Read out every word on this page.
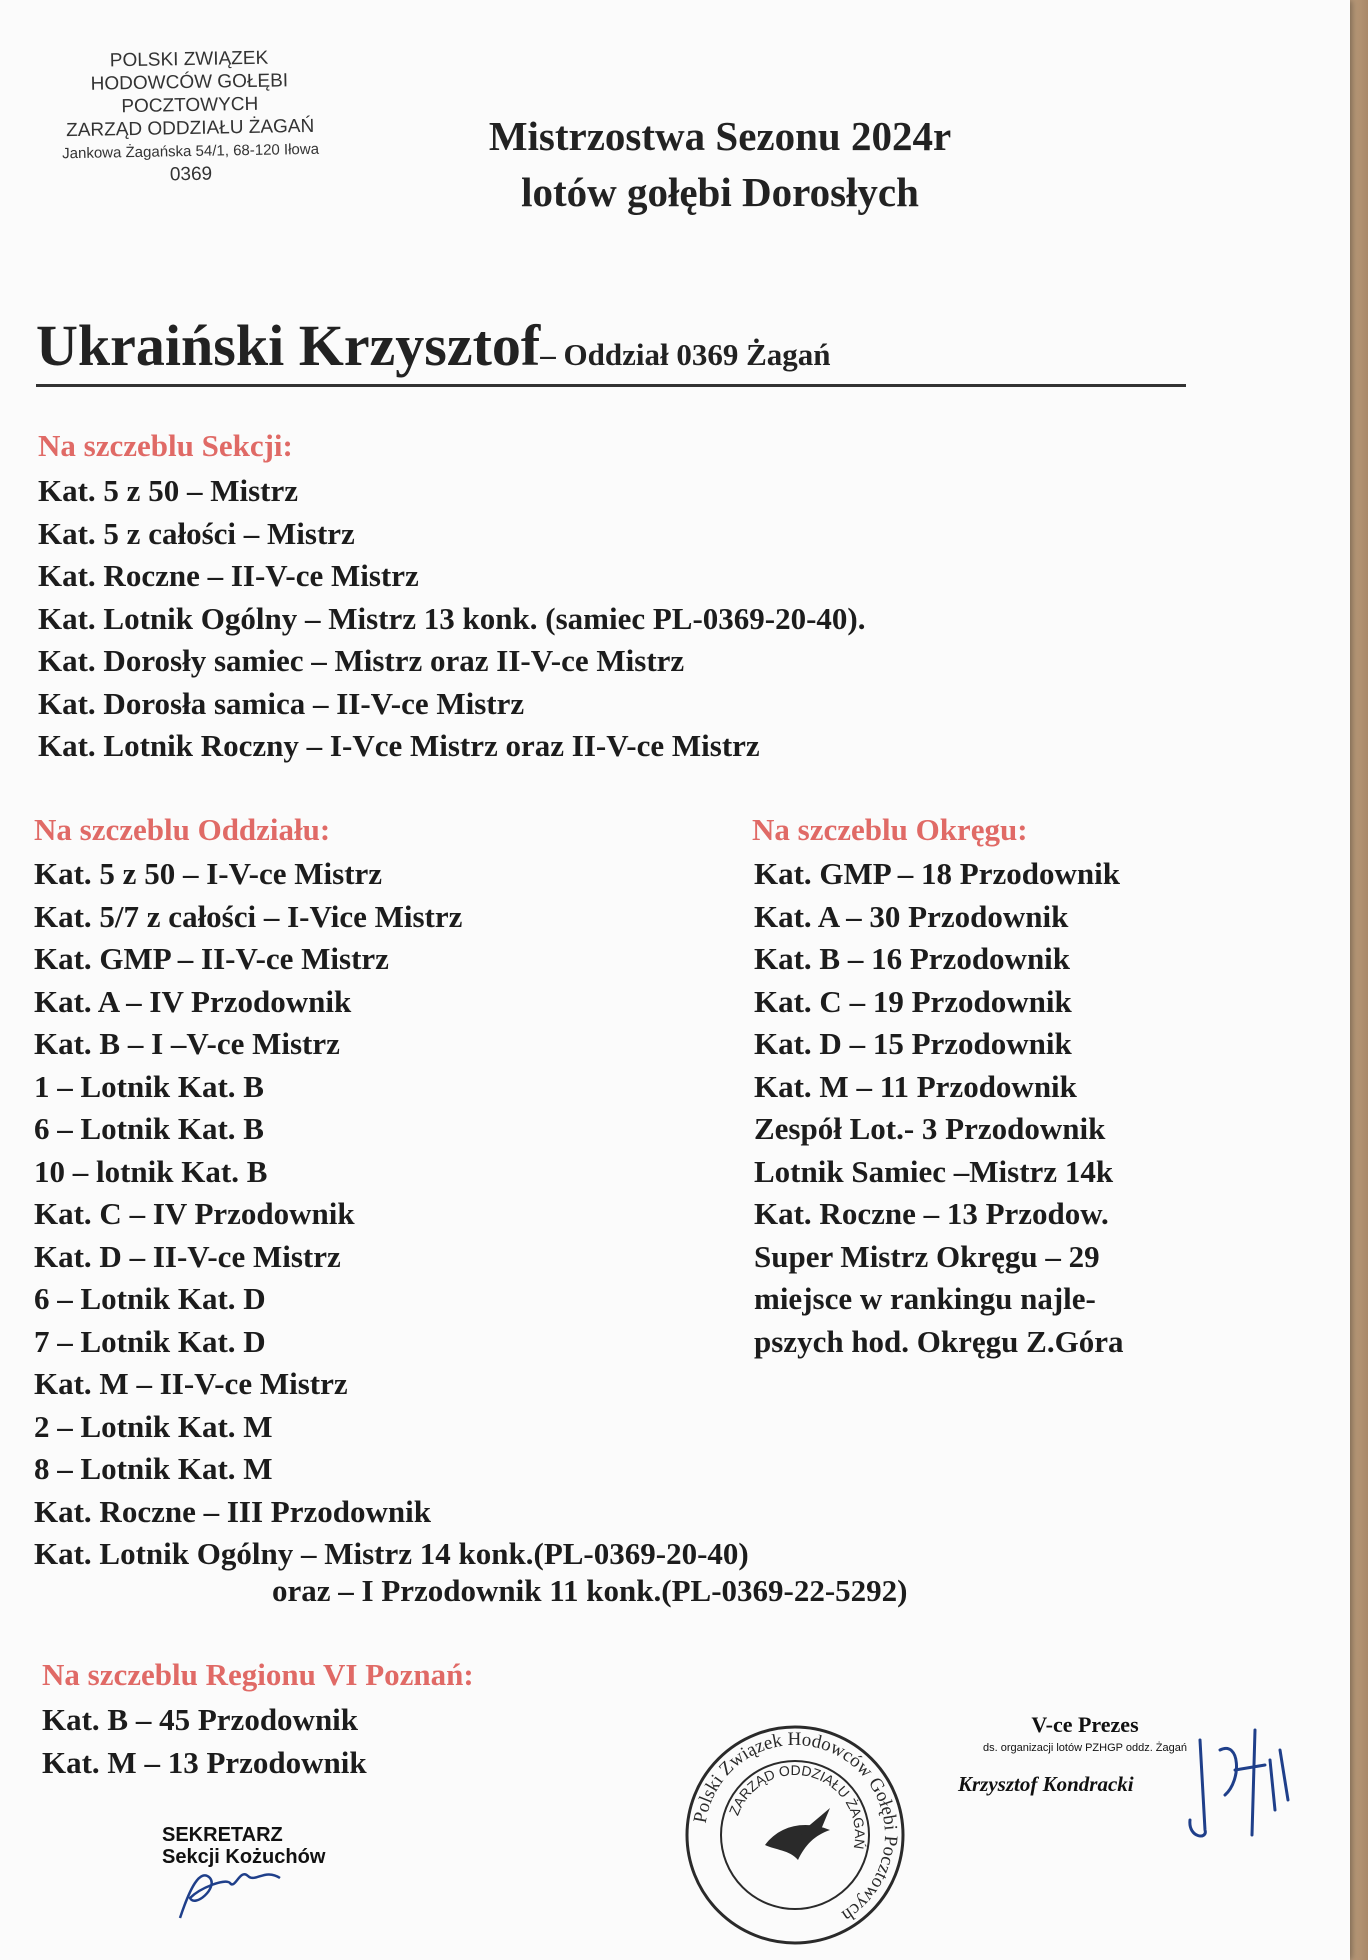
POLSKI ZWIĄZEK
HODOWCÓW GOŁĘBI POCZTOWYCH
ZARZĄD ODDZIAŁU ŻAGAŃ
Jankowa Żagańska 54/1, 68-120 Iłowa
0369
Mistrzostwa Sezonu 2024r
lotów gołębi Dorosłych
Ukraiński Krzysztof– Oddział 0369 Żagań
Na szczeblu Sekcji:
Kat. 5 z 50 – Mistrz
Kat. 5 z całości – Mistrz
Kat. Roczne – II-V-ce Mistrz
Kat. Lotnik Ogólny – Mistrz 13 konk. (samiec PL-0369-20-40).
Kat. Dorosły samiec – Mistrz oraz II-V-ce Mistrz
Kat. Dorosła samica – II-V-ce Mistrz
Kat. Lotnik Roczny – I-Vce Mistrz oraz II-V-ce Mistrz
Na szczeblu Oddziału:
Kat. 5 z 50 – I-V-ce Mistrz
Kat. 5/7 z całości – I-Vice Mistrz
Kat. GMP – II-V-ce Mistrz
Kat. A – IV Przodownik
Kat. B – I –V-ce Mistrz
1 – Lotnik Kat. B
6 – Lotnik Kat. B
10 – lotnik Kat. B
Kat. C – IV Przodownik
Kat. D – II-V-ce Mistrz
6 – Lotnik Kat. D
7 – Lotnik Kat. D
Kat. M – II-V-ce Mistrz
2 – Lotnik Kat. M
8 – Lotnik Kat. M
Kat. Roczne – III Przodownik
Kat. Lotnik Ogólny – Mistrz 14 konk.(PL-0369-20-40)
oraz – I Przodownik 11 konk.(PL-0369-22-5292)
Na szczeblu Okręgu:
Kat. GMP – 18 Przodownik
Kat. A – 30 Przodownik
Kat. B – 16 Przodownik
Kat. C – 19 Przodownik
Kat. D – 15 Przodownik
Kat. M – 11 Przodownik
Zespół Lot.- 3 Przodownik
Lotnik Samiec –Mistrz 14k
Kat. Roczne – 13 Przodow.
Super Mistrz Okręgu – 29
miejsce w rankingu najle-
pszych hod. Okręgu Z.Góra
Na szczeblu Regionu VI Poznań:
Kat. B – 45 Przodownik
Kat. M – 13 Przodownik
SEKRETARZ
Sekcji Kożuchów
Polski Związek Hodowców Gołębi Pocztowych
ZARZĄD ODDZIAŁU ŻAGAŃ
V-ce Prezes
ds. organizacji lotów PZHGP oddz. Żagań
Krzysztof Kondracki
